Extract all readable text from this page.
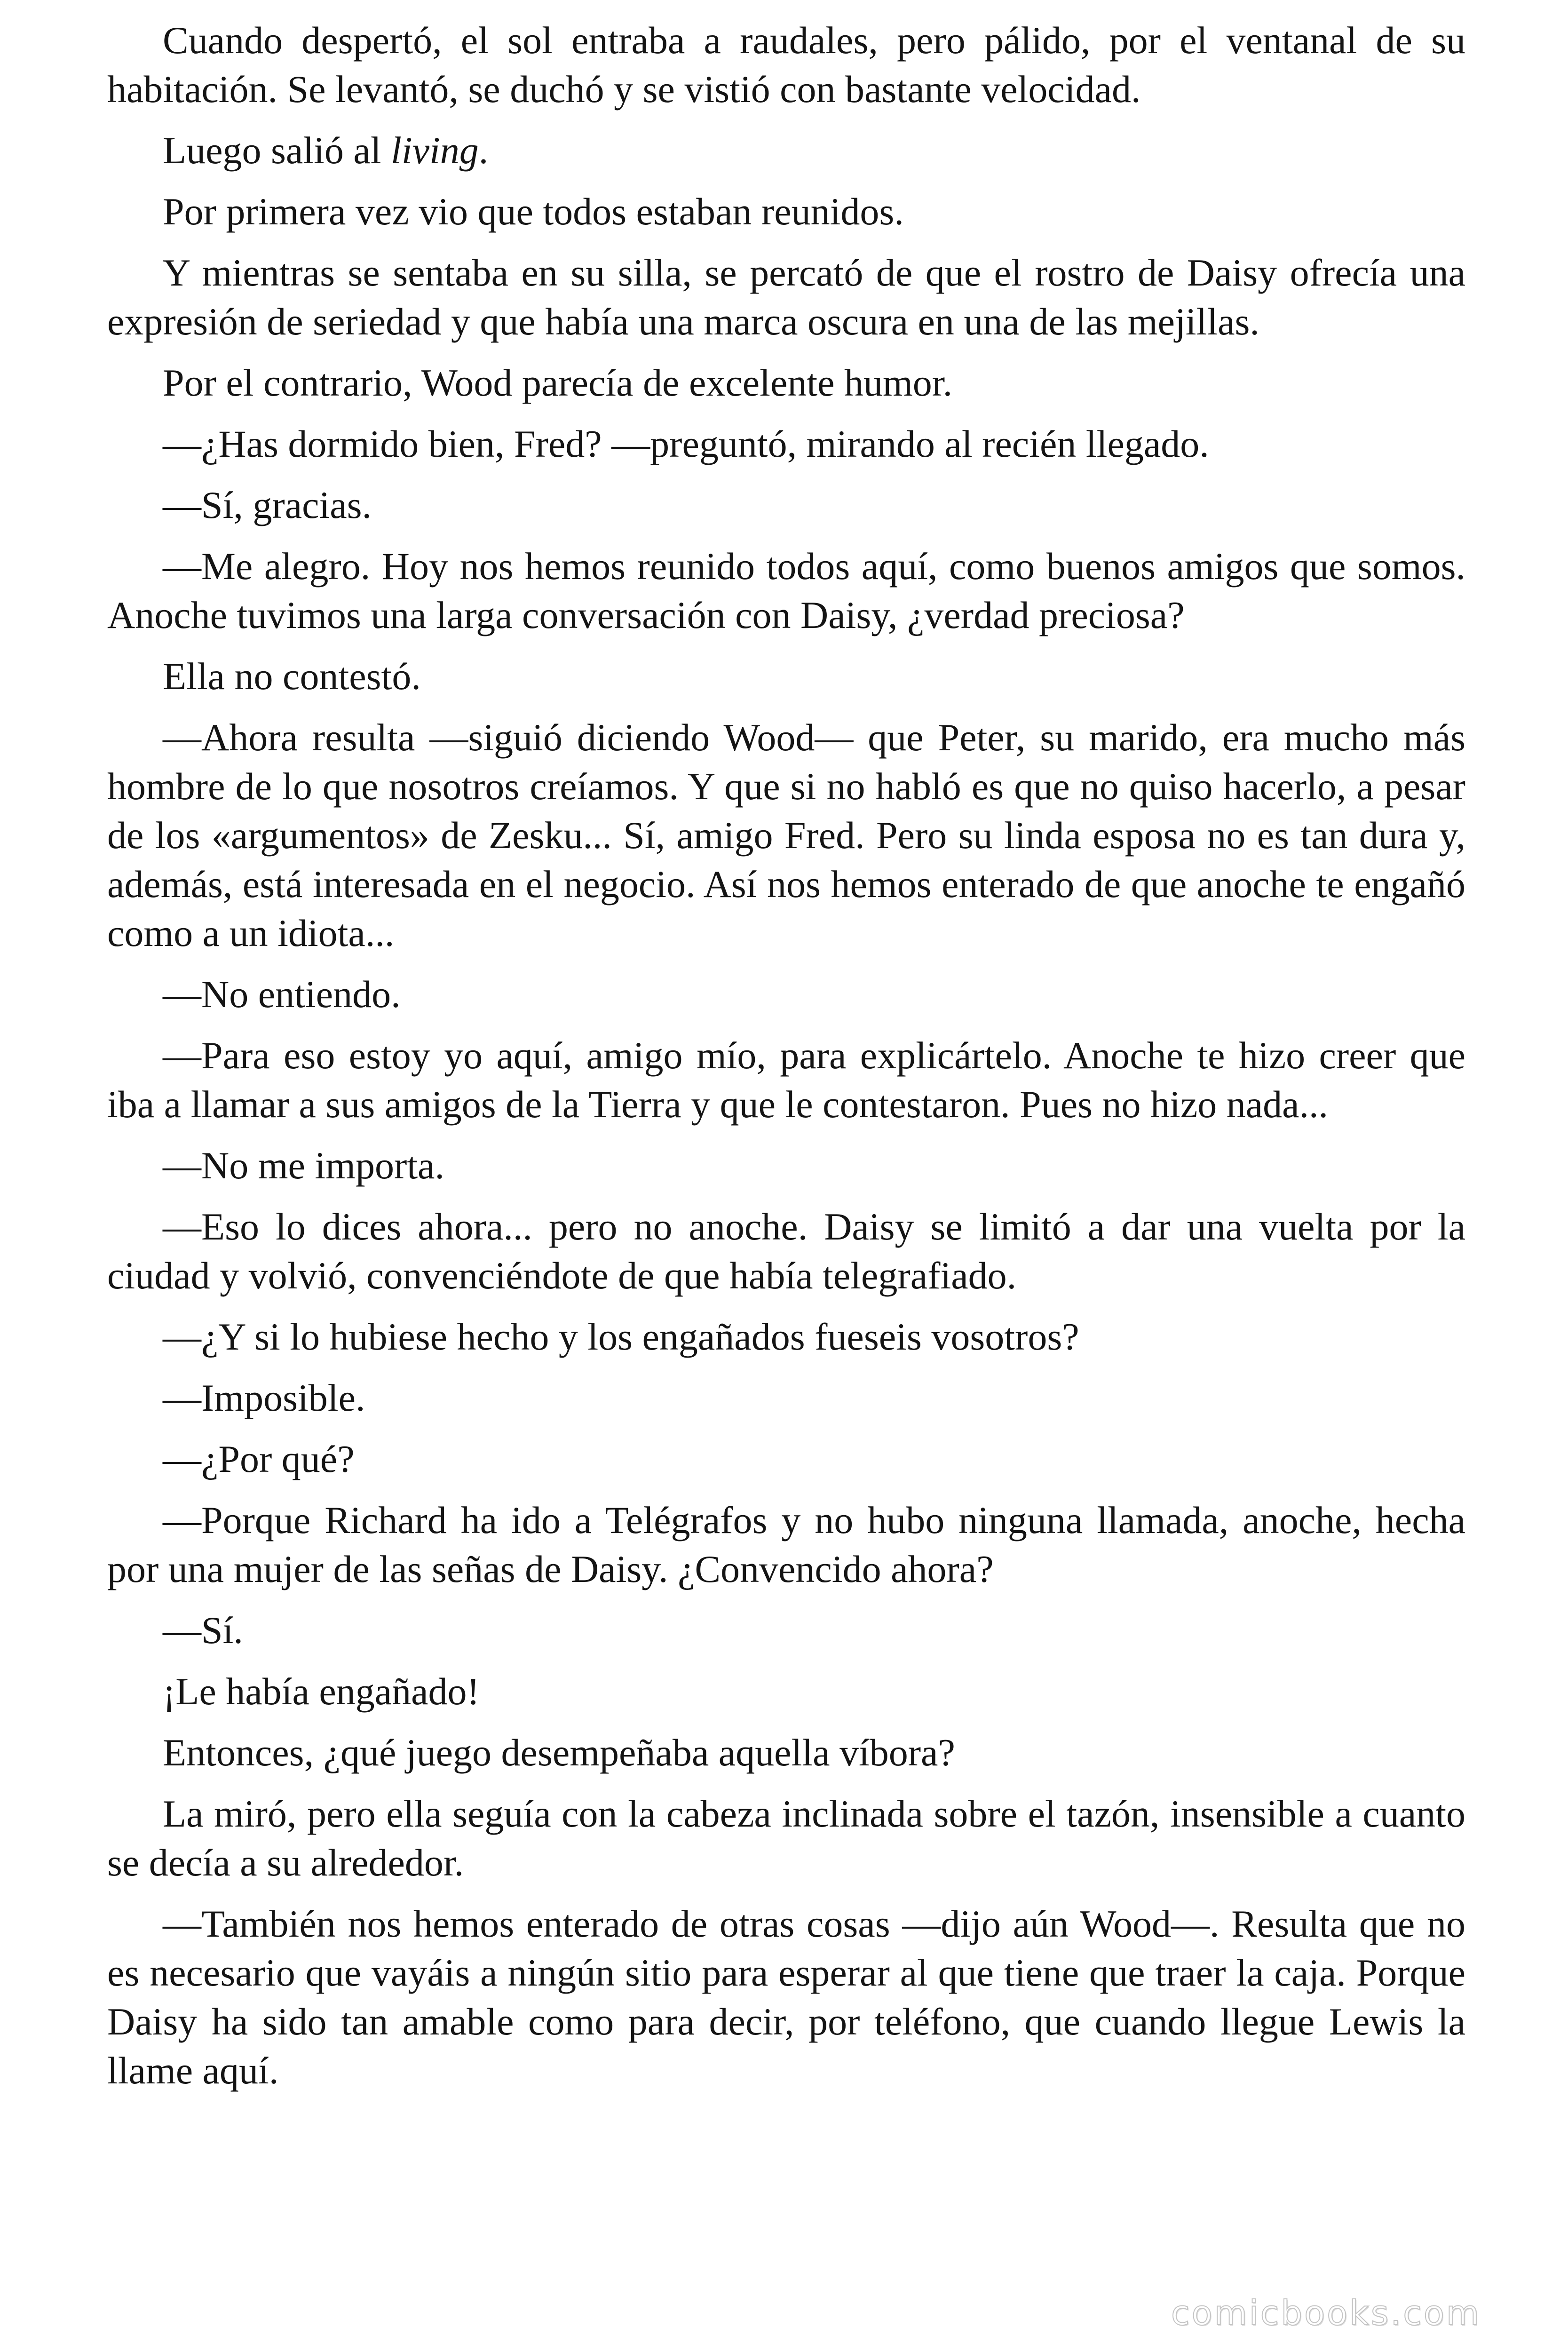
Cuando despertó, el sol entraba a raudales, pero pálido, por el ventanal de su habitación. Se levantó, se duchó y se vistió con bastante velocidad.

Luego salió al living.

Por primera vez vio que todos estaban reunidos.

Y mientras se sentaba en su silla, se percató de que el rostro de Daisy ofrecía una expresión de seriedad y que había una marca oscura en una de las mejillas.

Por el contrario, Wood parecía de excelente humor.

—¿Has dormido bien, Fred? —preguntó, mirando al recién llegado.

—Sí, gracias.

—Me alegro. Hoy nos hemos reunido todos aquí, como buenos amigos que somos. Anoche tuvimos una larga conversación con Daisy, ¿verdad preciosa?

Ella no contestó.

—Ahora resulta —siguió diciendo Wood— que Peter, su marido, era mucho más hombre de lo que nosotros creíamos. Y que si no habló es que no quiso hacerlo, a pesar de los «argumentos» de Zesku... Sí, amigo Fred. Pero su linda esposa no es tan dura y, además, está interesada en el negocio. Así nos hemos enterado de que anoche te engañó como a un idiota...

—No entiendo.

—Para eso estoy yo aquí, amigo mío, para explicártelo. Anoche te hizo creer que iba a llamar a sus amigos de la Tierra y que le contestaron. Pues no hizo nada...

—No me importa.

—Eso lo dices ahora... pero no anoche. Daisy se limitó a dar una vuelta por la ciudad y volvió, convenciéndote de que había telegrafiado.

—¿Y si lo hubiese hecho y los engañados fueseis vosotros?

—Imposible.

—¿Por qué?

—Porque Richard ha ido a Telégrafos y no hubo ninguna llamada, anoche, hecha por una mujer de las señas de Daisy. ¿Convencido ahora?

—Sí.

¡Le había engañado!

Entonces, ¿qué juego desempeñaba aquella víbora?

La miró, pero ella seguía con la cabeza inclinada sobre el tazón, insensible a cuanto se decía a su alrededor.

—También nos hemos enterado de otras cosas —dijo aún Wood—. Resulta que no es necesario que vayáis a ningún sitio para esperar al que tiene que traer la caja. Porque Daisy ha sido tan amable como para decir, por teléfono, que cuando llegue Lewis la llame aquí.

comicbooks.com
